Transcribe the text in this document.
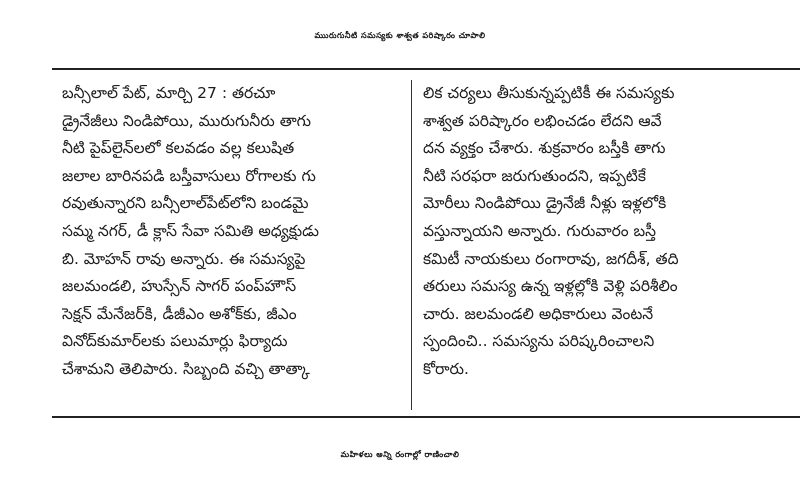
ముురుగునీటి సమస్యకు శాశ్వత పరిష్కారం చూపాలి
బన్సీలాల్ పేట్, మార్చి 27 : తరచూ
డ్రైనేజీలు నిండిపోయి, మురుగునీరు తాగు
నీటి పైప్‌లైన్‌లలో కలవడం వల్ల కలుషిత
జలాల బారినపడి బస్తీవాసులు రోగాలకు గు
రవుతున్నారని బన్సీలాల్‌పేట్‌లోని బండమై
సమ్మ నగర్, డీ క్లాస్ సేవా సమితి అధ్యక్షుడు
బి. మోహన్ రావు అన్నారు. ఈ సమస్యపై
జలమండలి, హుస్సేన్ సాగర్ పంప్‌హౌస్
సెక్షన్ మేనేజర్‌కి, డీజీఎం అశోక్‌కు, జీఎం
వినోద్‌కుమార్‌లకు పలుమార్లు ఫిర్యాదు
చేశామని తెలిపారు. సిబ్బంది వచ్చి తాత్కా
లిక చర్యలు తీసుకున్నప్పటికీ ఈ సమస్యకు
శాశ్వత పరిష్కారం లభించడం లేదని ఆవే
దన వ్యక్తం చేశారు. శుక్రవారం బస్తీకి తాగు
నీటి సరఫరా జరుగుతుందని, ఇప్పటికే
మోరీలు నిండిపోయి డ్రైనేజీ నీళ్లు ఇళ్లలోకి
వస్తున్నాయని అన్నారు. గురువారం బస్తీ
కమిటీ నాయకులు రంగారావు, జగదీశ్, తది
తరులు సమస్య ఉన్న ఇళ్లల్లోకి వెళ్లి పరిశీలిం
చారు. జలమండలి అధికారులు వెంటనే
స్పందించి.. సమస్యను పరిష్కరించాలని
కోరారు.
మహిళలు అన్ని రంగాల్లో రాణించాలి
